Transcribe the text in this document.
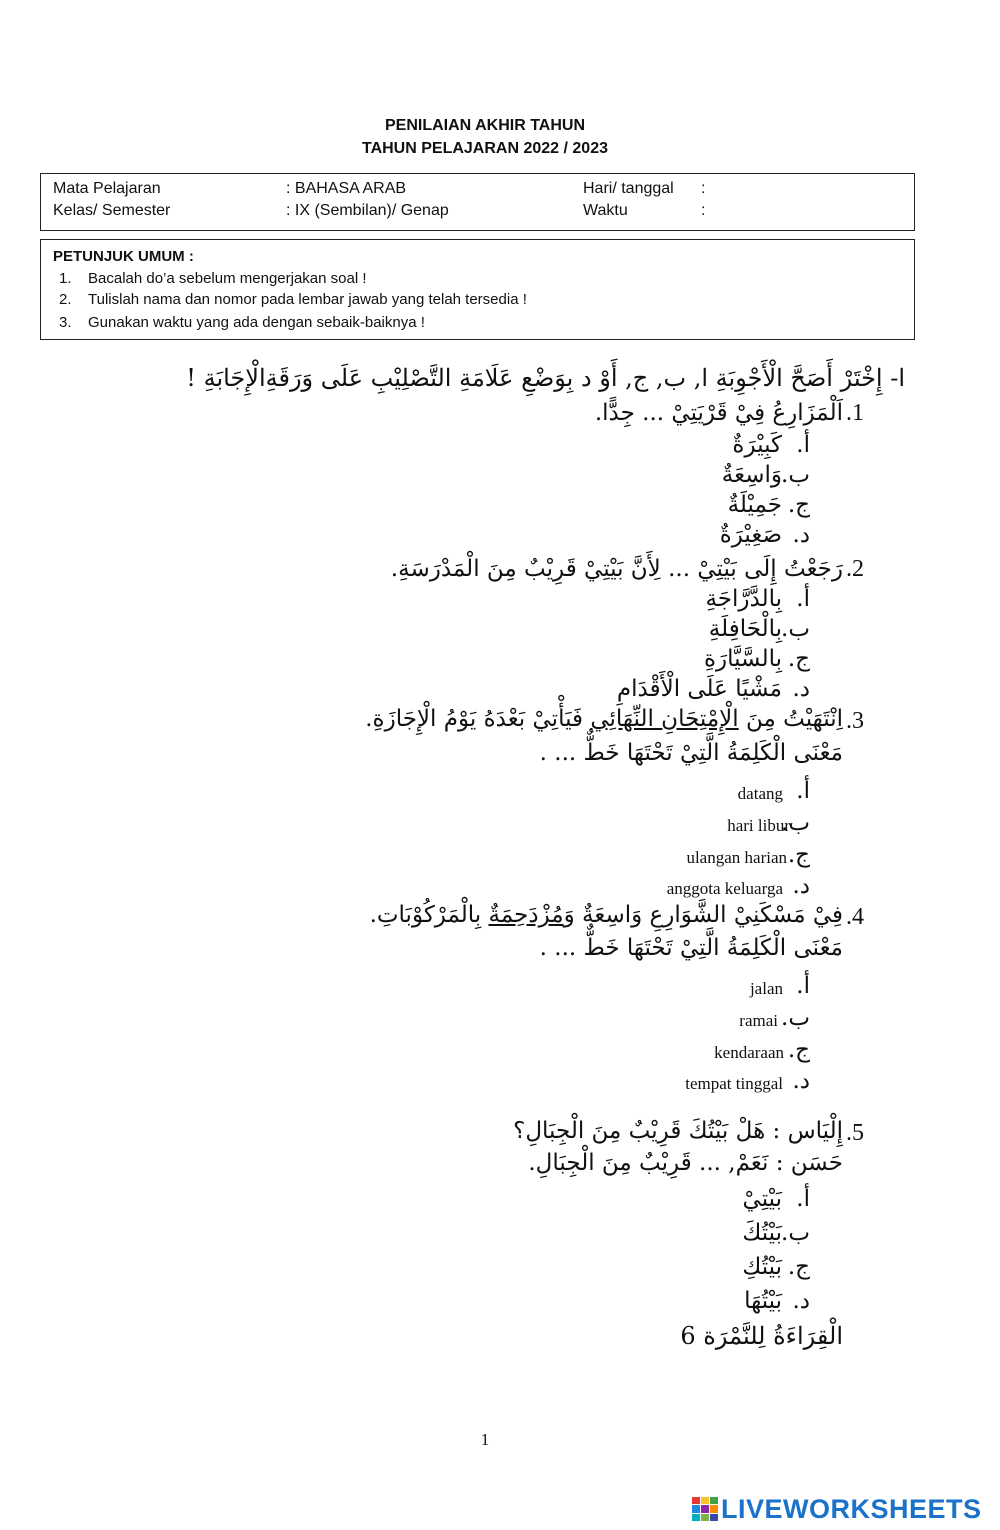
PENILAIAN AKHIR TAHUN
TAHUN PELAJARAN 2022 / 2023
Mata Pelajaran	: BAHASA ARAB	Hari/ tanggal :
Kelas/ Semester	: IX (Sembilan)/ Genap	Waktu	:
PETUNJUK UMUM :
1. Bacalah do’a sebelum mengerjakan soal !
2. Tulislah nama dan nomor pada lembar jawab yang telah tersedia !
3. Gunakan waktu yang ada dengan sebaik-baiknya !
ا- إِخْتَرْ أَصَحَّ الْأَجْوِبَةِ ا, ب, ج, أَوْ د بِوَضْعِ عَلَامَةِ التَّصْلِيْبِ عَلَى وَرَقَةِالْإِجَابَةِ !
.1
اَلْمَزَارِعُ فِيْ قَرْيَتِيْ ... جِدًّا.
أ.
كَبِيْرَةٌ
ب.
وَاسِعَةٌ
ج.
جَمِيْلَةٌ
د.
صَغِيْرَةٌ
.2
رَجَعْتُ إِلَى بَيْتِيْ ... لِأَنَّ بَيْتِيْ قَرِيْبٌ مِنَ الْمَدْرَسَةِ.
أ.
بِالدَّرَّاجَةِ
ب.
بِالْحَافِلَةِ
ج.
بِالسَّيَّارَةِ
د.
مَشْيًا عَلَى الْأَقْدَامِ
.3
اِنْتَهَيْتُ مِنَ الْإِمْتِحَانِ النِّهَائِي فَيَأْتِيْ بَعْدَهُ يَوْمُ الْإِجَازَةِ.
مَعْنَى الْكَلِمَةُ الَّتِيْ تَحْتَهَا خَطٌّ ... .
أ.
datang
ب.
hari libur
ج.
ulangan harian
د.
anggota keluarga
.4
فِيْ مَسْكَنِيْ الشَّوَارِعِ وَاسِعَةٌ وَمُزْدَحِمَةٌ بِالْمَرْكُوْبَاتِ.
مَعْنَى الْكَلِمَةُ الَّتِيْ تَحْتَهَا خَطٌّ ... .
أ.
jalan
ب.
ramai
ج.
kendaraan
د.
tempat tinggal
.5
إِلْيَاس : هَلْ بَيْتُكَ قَرِيْبٌ مِنَ الْجِبَالِ؟
حَسَن : نَعَمْ, ... قَرِيْبٌ مِنَ الْجِبَالِ.
أ.
بَيْتِيْ
ب.
بَيْتُكَ
ج.
بَيْتُكِ
د.
بَيْتُهَا
الْقِرَاءَةُ لِلنَّمْرَة 6
1
LIVEWORKSHEETS
